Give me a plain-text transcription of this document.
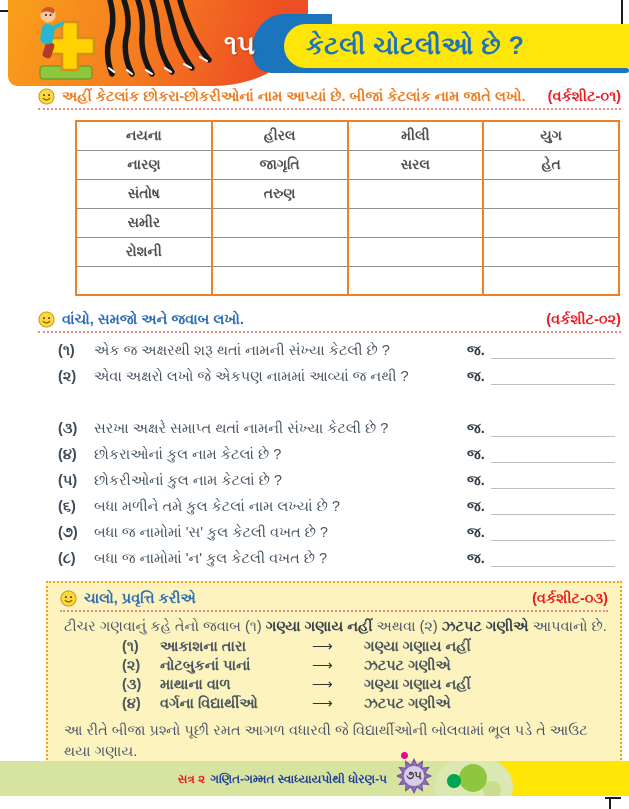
૧૫ કેટલી ચોટલીઓ છે ?
અહીં કેટલાંક છોકરા-છોકરીઓનાં નામ આપ્યાં છે. બીજાં કેટલાંક નામ જાતે લખો.	(વર્કશીટ-૦૧)
નયના	હીરલ	મીલી	યુગ
નારણ	જાગૃતિ	સરલ	હેત
સંતોષ	તરુણ		
સમીર			
રોશની			

વાંચો, સમજો અને જવાબ લખો.	(વર્કશીટ-૦૨)
(૧)	એક જ અક્ષરથી શરૂ થતાં નામની સંખ્યા કેટલી છે ?	જ.
(૨)	એવા અક્ષરો લખો જે એકપણ નામમાં આવ્યાં જ નથી ?	જ.
(૩)	સરખા અક્ષરે સમાપ્ત થતાં નામની સંખ્યા કેટલી છે ?	જ.
(૪)	છોકરાઓનાં કુલ નામ કેટલાં છે ?	જ.
(૫)	છોકરીઓનાં કુલ નામ કેટલાં છે ?	જ.
(૬)	બધા મળીને તમે કુલ કેટલાં નામ લખ્યાં છે ?	જ.
(૭)	બધા જ નામોમાં 'સ' કુલ કેટલી વખત છે ?	જ.
(૮)	બધા જ નામોમાં 'ન' કુલ કેટલી વખત છે ?	જ.
ચાલો, પ્રવૃત્તિ કરીએ	(વર્કશીટ-૦૩)

ટીચર ગણવાનું કહે તેનો જવાબ (૧) ગણ્યા ગણાય નહીં અથવા (૨) ઝટપટ ગણીએ આપવાનો છે.

(૧)	આકાશના તારા	⟶	ગણ્યા ગણાય નહીં
(૨)	નોટબુકનાં પાનાં	⟶	ઝટપટ ગણીએ
(૩)	માથાના વાળ	⟶	ગણ્યા ગણાય નહીં
(૪)	વર્ગના વિદ્યાર્થીઓ	⟶	ઝટપટ ગણીએ

આ રીતે બીજા પ્રશ્નો પૂછી રમત આગળ વધારવી જે વિદ્યાર્થીઓની બોલવામાં ભૂલ પડે તે આઉટ થયા ગણાય.

સત્ર ૨ ગણિત-ગમ્મત સ્વાધ્યાયપોથી ધોરણ-૫	૭૫
